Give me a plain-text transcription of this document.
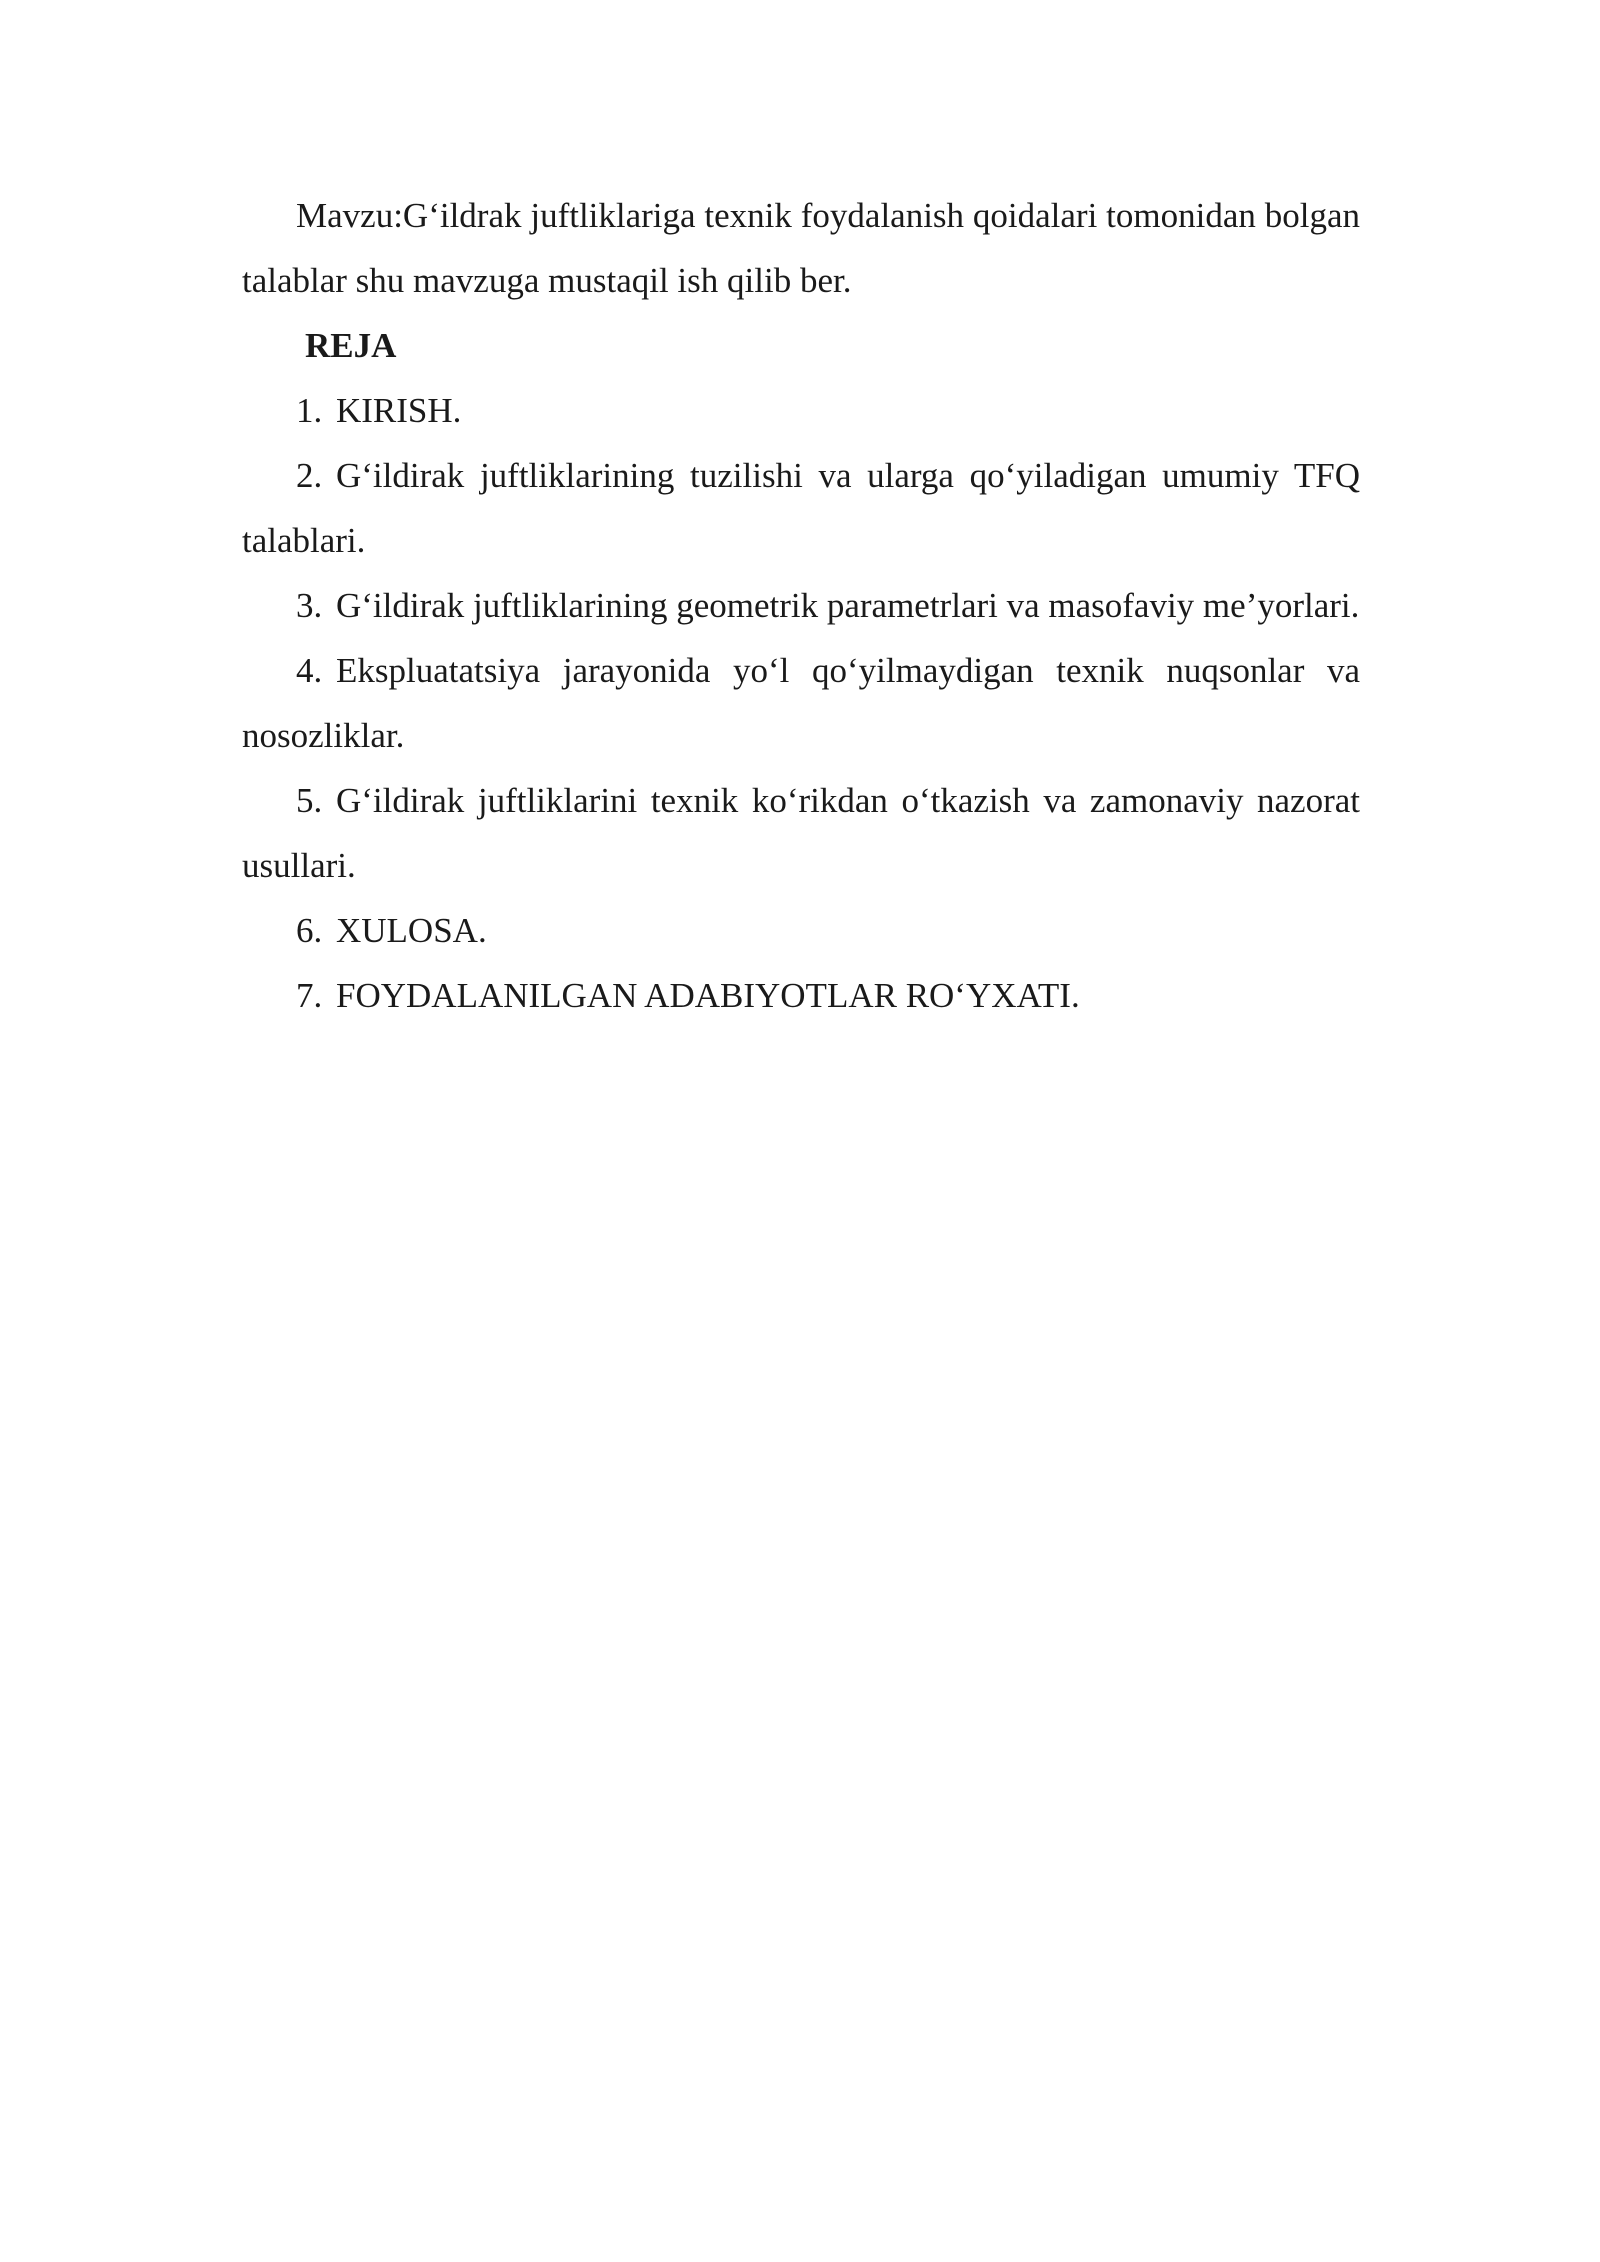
Mavzu:G‘ildrak juftliklariga texnik foydalanish qoidalari tomonidan bolgan talablar shu mavzuga mustaqil ish qilib ber.

REJA

1. KIRISH.

2. G‘ildirak juftliklarining tuzilishi va ularga qo‘yiladigan umumiy TFQ talablari.

3. G‘ildirak juftliklarining geometrik parametrlari va masofaviy me’yorlari.

4. Ekspluatatsiya jarayonida yo‘l qo‘yilmaydigan texnik nuqsonlar va nosozliklar.

5. G‘ildirak juftliklarini texnik ko‘rikdan o‘tkazish va zamonaviy nazorat usullari.

6. XULOSA.

7. FOYDALANILGAN ADABIYOTLAR RO‘YXATI.
